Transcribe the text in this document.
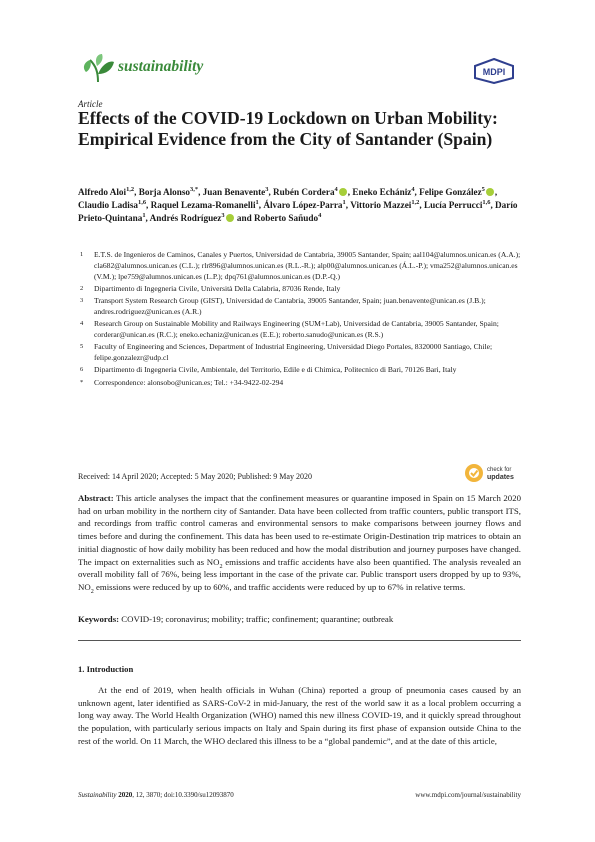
sustainability	MDPI
Article
Effects of the COVID-19 Lockdown on Urban Mobility: Empirical Evidence from the City of Santander (Spain)
Alfredo Aloi$^{1,2}$, Borja Alonso$^{3,*}$, Juan Benavente$^3$, Rubén Cordera$^4$ , Eneko Echániz$^4$, Felipe González$^5$ , Claudio Ladisa$^{1,6}$, Raquel Lezama-Romanelli$^1$, Álvaro López-Parra$^1$, Vittorio Mazzei$^{1,2}$, Lucía Perrucci$^{1,6}$, Darío Prieto-Quintana$^1$, Andrés Rodríguez$^3$ and Roberto Sañudo$^4$
1 E.T.S. de Ingenieros de Caminos, Canales y Puertos, Universidad de Cantabria, 39005 Santander, Spain; aal104@alumnos.unican.es (A.A.); cla682@alumnos.unican.es (C.L.); rlr896@alumnos.unican.es (R.L.-R.); alp00@alumnos.unican.es (Á.L.-P.); vma252@alumnos.unican.es (V.M.); lpe759@alumnos.unican.es (L.P.); dpq761@alumnos.unican.es (D.P.-Q.)
2 Dipartimento di Ingegneria Civile, Università Della Calabria, 87036 Rende, Italy
3 Transport System Research Group (GIST), Universidad de Cantabria, 39005 Santander, Spain; juan.benavente@unican.es (J.B.); andres.rodriguez@unican.es (A.R.)
4 Research Group on Sustainable Mobility and Railways Engineering (SUM+Lab), Universidad de Cantabria, 39005 Santander, Spain; corderar@unican.es (R.C.); eneko.echaniz@unican.es (E.E.); roberto.sanudo@unican.es (R.S.)
5 Faculty of Engineering and Sciences, Department of Industrial Engineering, Universidad Diego Portales, 8320000 Santiago, Chile; felipe.gonzalezr@udp.cl
6 Dipartimento di Ingegneria Civile, Ambientale, del Territorio, Edile e di Chimica, Politecnico di Bari, 70126 Bari, Italy
* Correspondence: alonsobo@unican.es; Tel.: +34-9422-02-294
Received: 14 April 2020; Accepted: 5 May 2020; Published: 9 May 2020
check for
updates
Abstract: This article analyses the impact that the confinement measures or quarantine imposed in Spain on 15 March 2020 had on urban mobility in the northern city of Santander. Data have been collected from traffic counters, public transport ITS, and recordings from traffic control cameras and environmental sensors to make comparisons between journey flows and times before and during the confinement. This data has been used to re-estimate Origin-Destination trip matrices to obtain an initial diagnostic of how daily mobility has been reduced and how the modal distribution and journey purposes have changed. The impact on externalities such as $NO_2$ emissions and traffic accidents have also been quantified. The analysis revealed an overall mobility fall of 76%, being less important in the case of the private car. Public transport users dropped by up to 93%, $NO_2$ emissions were reduced by up to 60%, and traffic accidents were reduced by up to 67% in relative terms.
Keywords: COVID-19; coronavirus; mobility; traffic; confinement; quarantine; outbreak
1. Introduction
At the end of 2019, when health officials in Wuhan (China) reported a group of pneumonia cases caused by an unknown agent, later identified as SARS-CoV-2 in mid-January, the rest of the world saw it as a local problem occurring a long way away. The World Health Organization (WHO) named this new illness COVID-19, and it quickly spread throughout the population, with particularly serious impacts on Italy and Spain during its first phase of expansion outside China to the rest of the world. On 11 March, the WHO declared this illness to be a “global pandemic”, and at the date of this article,
Sustainability 2020, 12, 3870; doi:10.3390/su12093870	www.mdpi.com/journal/sustainability
